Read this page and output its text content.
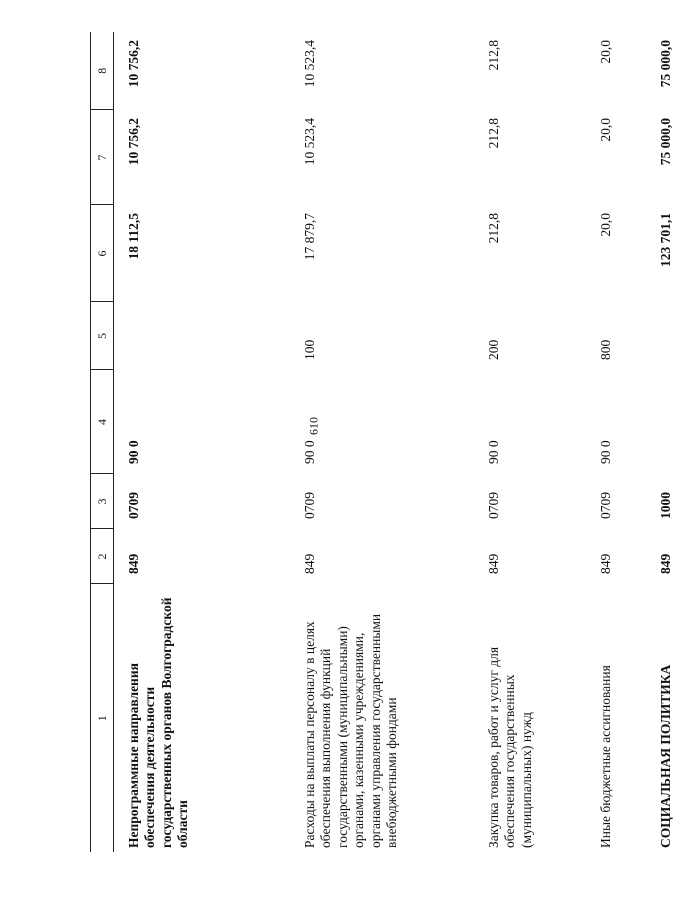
610
1	2	3	4	5	6	7	8
Непрограммные направления обеспечения деятельности государственных органов Волгоградской области	849	0709	90 0		18 112,5	10 756,2	10 756,2
Расходы на выплаты персоналу в целях обеспечения выполнения функций государственными (муниципальными) органами, казенными учреждениями, органами управления государственными внебюджетными фондами	849	0709	90 0	100	17 879,7	10 523,4	10 523,4
Закупка товаров, работ и услуг для обеспечения государственных (муниципальных) нужд	849	0709	90 0	200	212,8	212,8	212,8
Иные бюджетные ассигнования	849	0709	90 0	800	20,0	20,0	20,0
СОЦИАЛЬНАЯ ПОЛИТИКА	849	1000			123 701,1	75 000,0	75 000,0
